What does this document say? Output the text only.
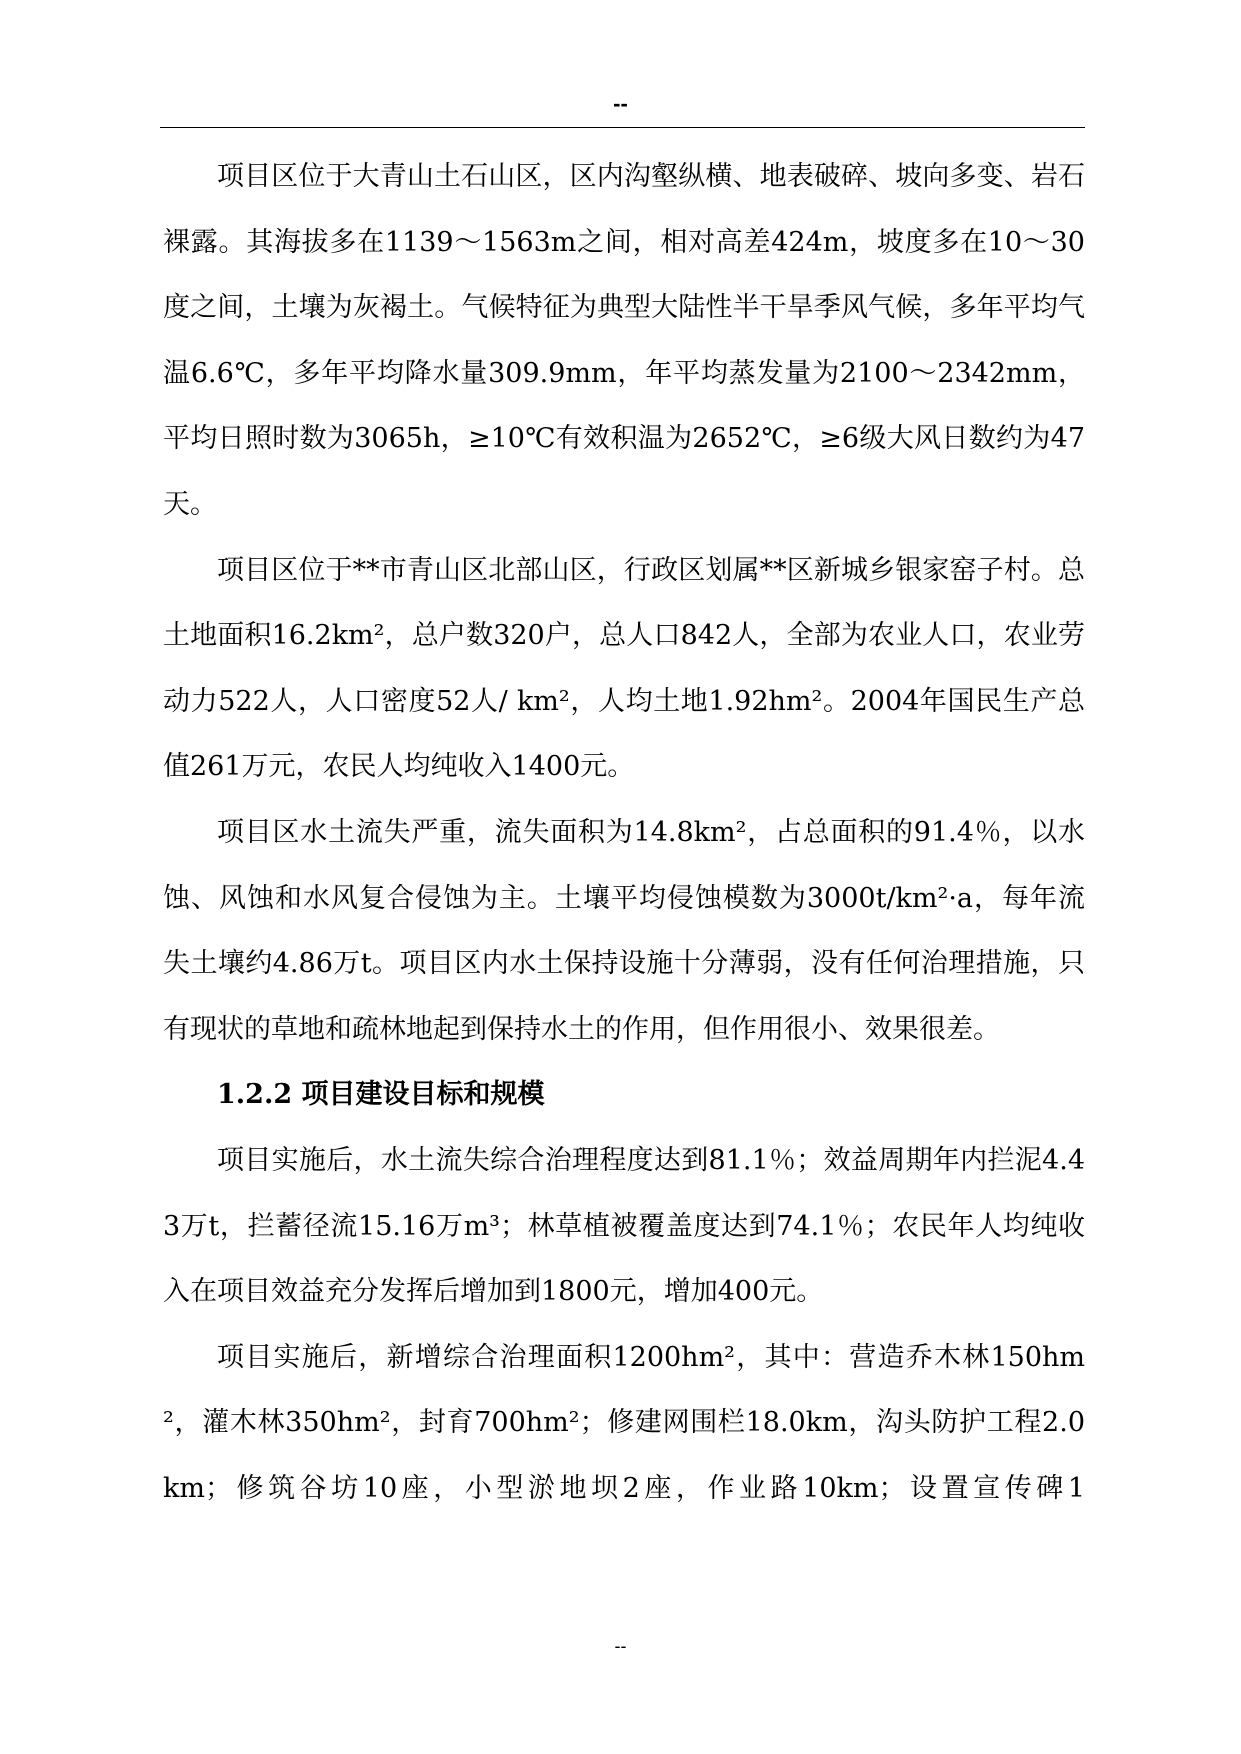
--

项目区位于大青山土石山区，区内沟壑纵横、地表破碎、坡向多变、岩石裸露。其海拔多在1139～1563m之间，相对高差424m，坡度多在10～30度之间，土壤为灰褐土。气候特征为典型大陆性半干旱季风气候，多年平均气温6.6℃，多年平均降水量309.9mm，年平均蒸发量为2100～2342mm，平均日照时数为3065h，≥10℃有效积温为2652℃，≥6级大风日数约为47天。

项目区位于**市青山区北部山区，行政区划属**区新城乡银家窑子村。总土地面积16.2km²，总户数320户，总人口842人，全部为农业人口，农业劳动力522人，人口密度52人/ km²，人均土地1.92hm²。2004年国民生产总值261万元，农民人均纯收入1400元。

项目区水土流失严重，流失面积为14.8km²，占总面积的91.4％，以水蚀、风蚀和水风复合侵蚀为主。土壤平均侵蚀模数为3000t/km²·a，每年流失土壤约4.86万t。项目区内水土保持设施十分薄弱，没有任何治理措施，只有现状的草地和疏林地起到保持水土的作用，但作用很小、效果很差。

1.2.2 项目建设目标和规模

项目实施后，水土流失综合治理程度达到81.1％；效益周期年内拦泥4.43万t，拦蓄径流15.16万m³；林草植被覆盖度达到74.1％；农民年人均纯收入在项目效益充分发挥后增加到1800元，增加400元。

项目实施后，新增综合治理面积1200hm²，其中：营造乔木林150hm²，灌木林350hm²，封育700hm²；修建网围栏18.0km，沟头防护工程2.0km；修筑谷坊10座，小型淤地坝2座，作业路10km；设置宣传碑1

--
